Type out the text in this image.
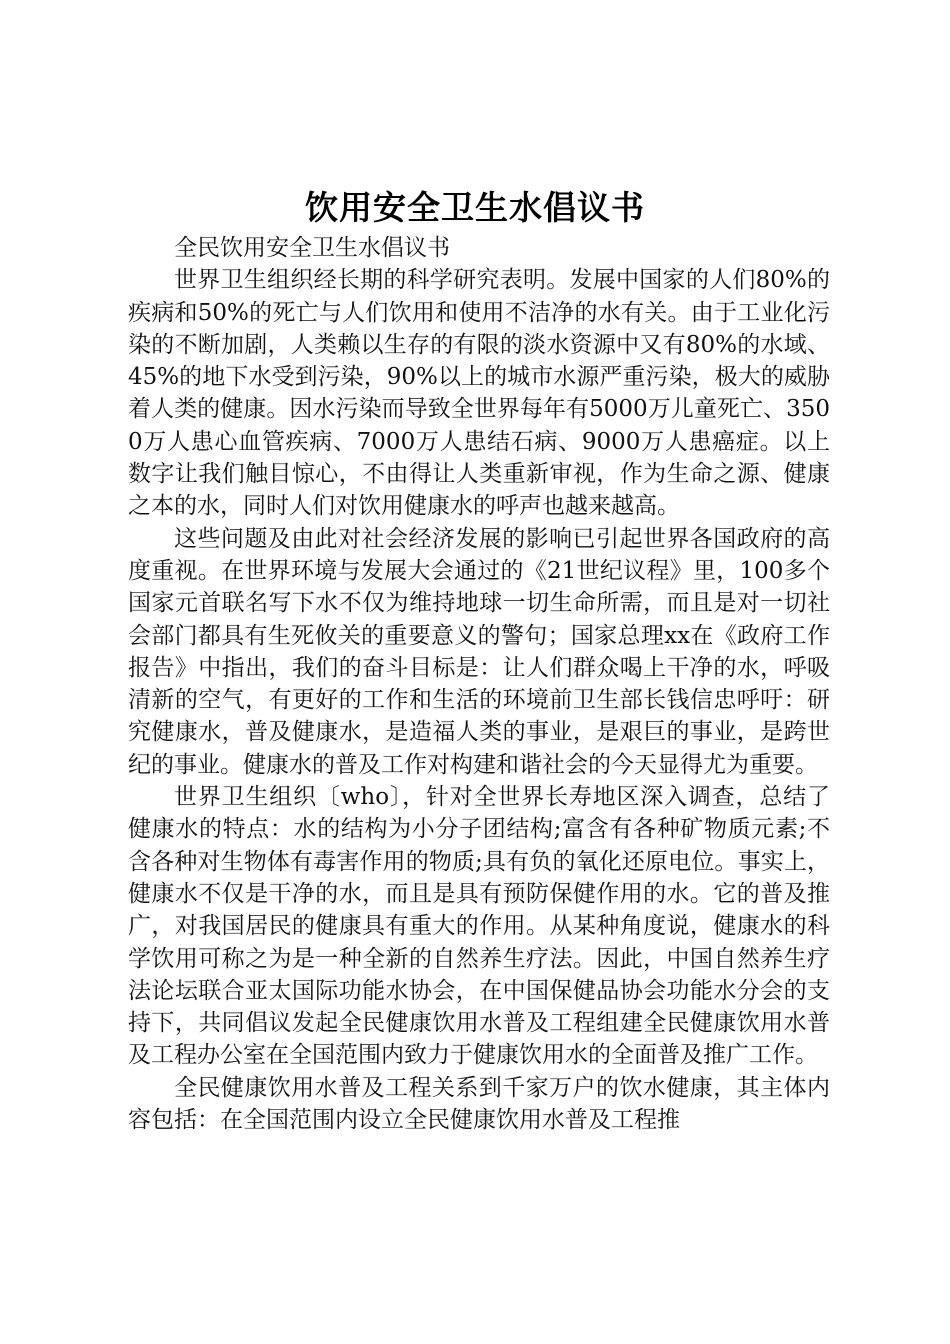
饮用安全卫生水倡议书

全民饮用安全卫生水倡议书

世界卫生组织经长期的科学研究表明。发展中国家的人们80%的疾病和50%的死亡与人们饮用和使用不洁净的水有关。由于工业化污染的不断加剧，人类赖以生存的有限的淡水资源中又有80%的水域、45%的地下水受到污染，90%以上的城市水源严重污染，极大的威胁着人类的健康。因水污染而导致全世界每年有5000万儿童死亡、3500万人患心血管疾病、7000万人患结石病、9000万人患癌症。以上数字让我们触目惊心，不由得让人类重新审视，作为生命之源、健康之本的水，同时人们对饮用健康水的呼声也越来越高。

这些问题及由此对社会经济发展的影响已引起世界各国政府的高度重视。在世界环境与发展大会通过的《21世纪议程》里，100多个国家元首联名写下水不仅为维持地球一切生命所需，而且是对一切社会部门都具有生死攸关的重要意义的警句；国家总理xx在《政府工作报告》中指出，我们的奋斗目标是：让人们群众喝上干净的水，呼吸清新的空气，有更好的工作和生活的环境前卫生部长钱信忠呼吁：研究健康水，普及健康水，是造福人类的事业，是艰巨的事业，是跨世纪的事业。健康水的普及工作对构建和谐社会的今天显得尤为重要。

世界卫生组织〔who〕，针对全世界长寿地区深入调查，总结了健康水的特点：水的结构为小分子团结构;富含有各种矿物质元素;不含各种对生物体有毒害作用的物质;具有负的氧化还原电位。事实上，健康水不仅是干净的水，而且是具有预防保健作用的水。它的普及推广，对我国居民的健康具有重大的作用。从某种角度说，健康水的科学饮用可称之为是一种全新的自然养生疗法。因此，中国自然养生疗法论坛联合亚太国际功能水协会，在中国保健品协会功能水分会的支持下，共同倡议发起全民健康饮用水普及工程组建全民健康饮用水普及工程办公室在全国范围内致力于健康饮用水的全面普及推广工作。

全民健康饮用水普及工程关系到千家万户的饮水健康，其主体内容包括：在全国范围内设立全民健康饮用水普及工程推
